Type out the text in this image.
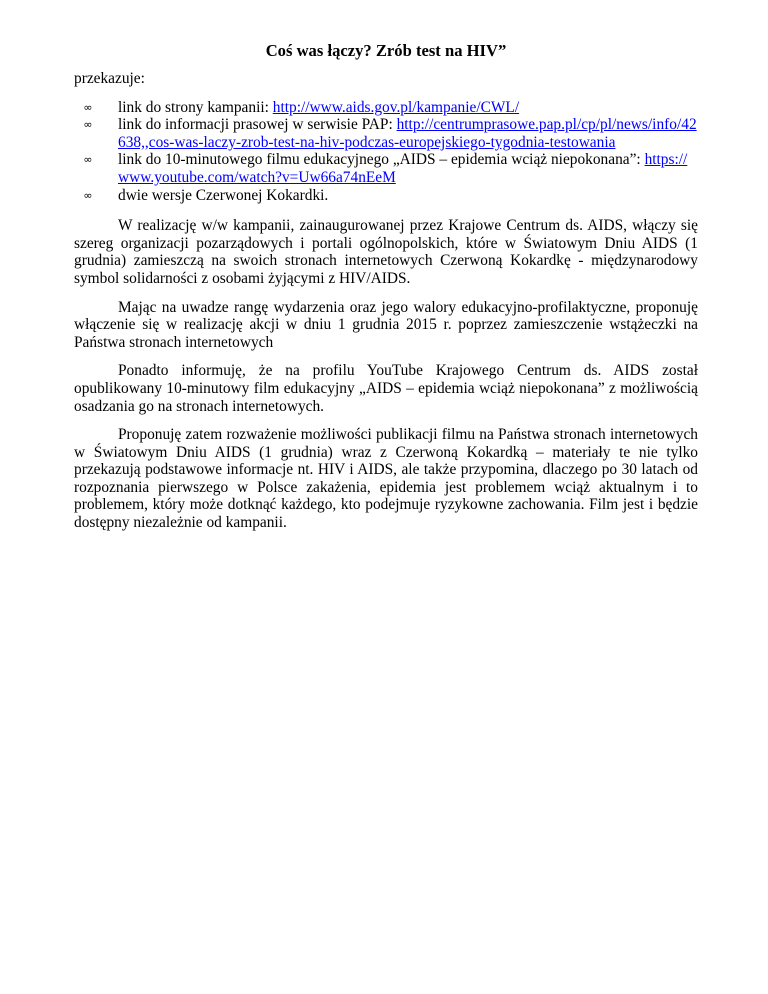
Coś was łączy? Zrób test na HIV”
przekazuje:
∞ link do strony kampanii: http://www.aids.gov.pl/kampanie/CWL/
∞ link do informacji prasowej w serwisie PAP: http://centrumprasowe.pap.pl/cp/pl/news/info/42638,,cos-was-laczy-zrob-test-na-hiv-podczas-europejskiego-tygodnia-testowania
∞ link do 10-minutowego filmu edukacyjnego „AIDS – epidemia wciąż niepokonana”: https://www.youtube.com/watch?v=Uw66a74nEeM
∞ dwie wersje Czerwonej Kokardki.

W realizację w/w kampanii, zainaugurowanej przez Krajowe Centrum ds. AIDS, włączy się szereg organizacji pozarządowych i portali ogólnopolskich, które w Światowym Dniu AIDS (1 grudnia) zamieszczą na swoich stronach internetowych Czerwoną Kokardkę - międzynarodowy symbol solidarności z osobami żyjącymi z HIV/AIDS.

Mając na uwadze rangę wydarzenia oraz jego walory edukacyjno-profilaktyczne, proponuję włączenie się w realizację akcji w dniu 1 grudnia 2015 r. poprzez zamieszczenie wstążeczki na Państwa stronach internetowych

Ponadto informuję, że na profilu YouTube Krajowego Centrum ds. AIDS został opublikowany 10-minutowy film edukacyjny „AIDS – epidemia wciąż niepokonana” z możliwością osadzania go na stronach internetowych.

Proponuję zatem rozważenie możliwości publikacji filmu na Państwa stronach internetowych w Światowym Dniu AIDS (1 grudnia) wraz z Czerwoną Kokardką – materiały te nie tylko przekazują podstawowe informacje nt. HIV i AIDS, ale także przypomina, dlaczego po 30 latach od rozpoznania pierwszego w Polsce zakażenia, epidemia jest problemem wciąż aktualnym i to problemem, który może dotknąć każdego, kto podejmuje ryzykowne zachowania. Film jest i będzie dostępny niezależnie od kampanii.
